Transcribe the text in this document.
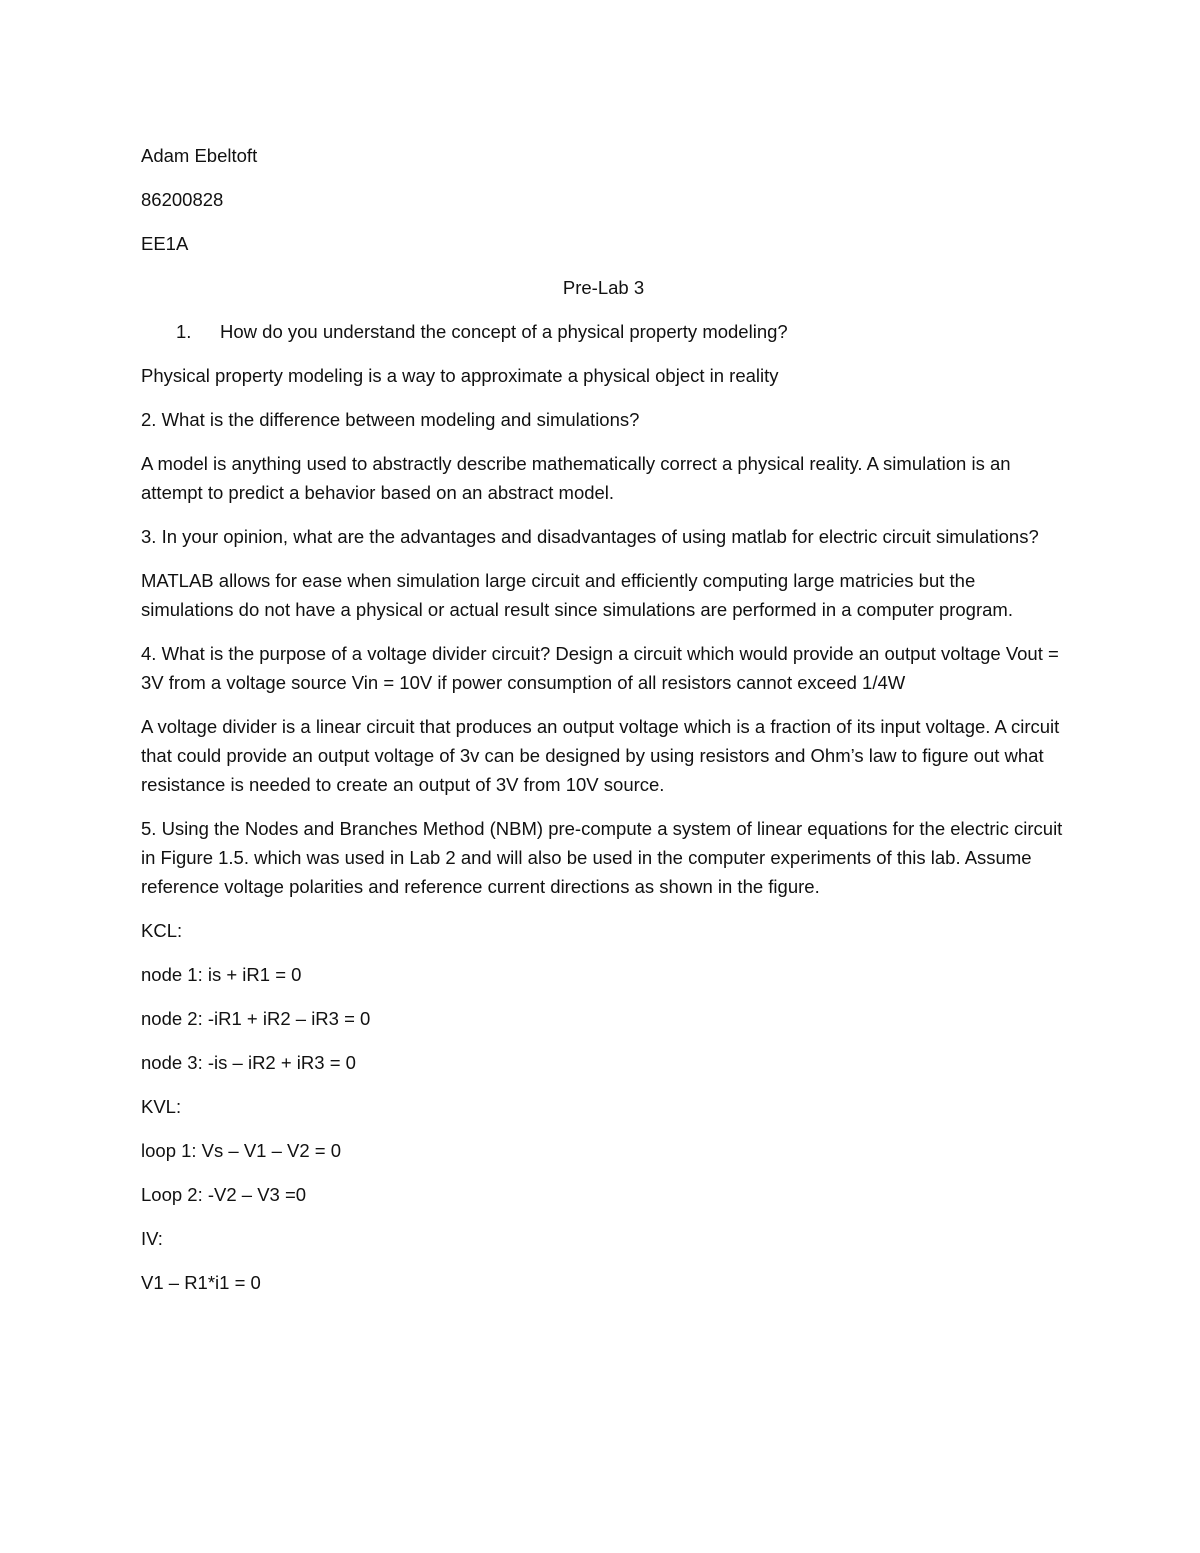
Adam Ebeltoft

86200828

EE1A

Pre-Lab 3

1.	How do you understand the concept of a physical property modeling?

Physical property modeling is a way to approximate a physical object in reality

2. What is the difference between modeling and simulations?

A model is anything used to abstractly describe mathematically correct a physical reality. A simulation is an attempt to predict a behavior based on an abstract model.

3. In your opinion, what are the advantages and disadvantages of using matlab for electric circuit simulations?

MATLAB allows for ease when simulation large circuit and efficiently computing large matricies but the simulations do not have a physical or actual result since simulations are performed in a computer program.

4. What is the purpose of a voltage divider circuit? Design a circuit which would provide an output voltage Vout = 3V from a voltage source Vin = 10V if power consumption of all resistors cannot exceed 1/4W

A voltage divider is a linear circuit that produces an output voltage which is a fraction of its input voltage. A circuit that could provide an output voltage of 3v can be designed by using resistors and Ohm’s law to figure out what resistance is needed to create an output of 3V from 10V source.

5. Using the Nodes and Branches Method (NBM) pre-compute a system of linear equations for the electric circuit in Figure 1.5. which was used in Lab 2 and will also be used in the computer experiments of this lab. Assume reference voltage polarities and reference current directions as shown in the figure.

KCL:

node 1: is + iR1 = 0

node 2: -iR1 + iR2 – iR3 = 0

node 3: -is – iR2 + iR3 = 0

KVL:

loop 1: Vs – V1 – V2 = 0

Loop 2: -V2 – V3 =0

IV:

V1 – R1*i1 = 0
